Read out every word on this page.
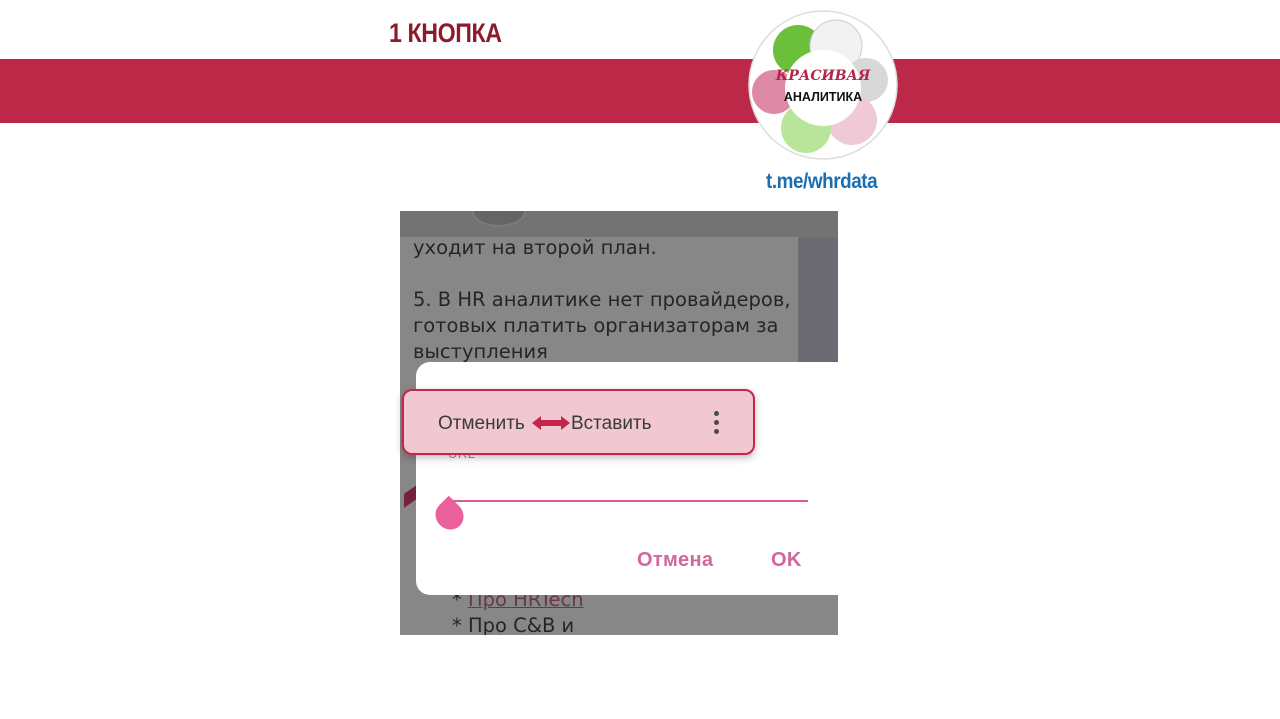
1 КНОПКА
КРАСИВАЯ
АНАЛИТИКА
t.me/whrdata
Отмена	OK
Отменить Вставить
